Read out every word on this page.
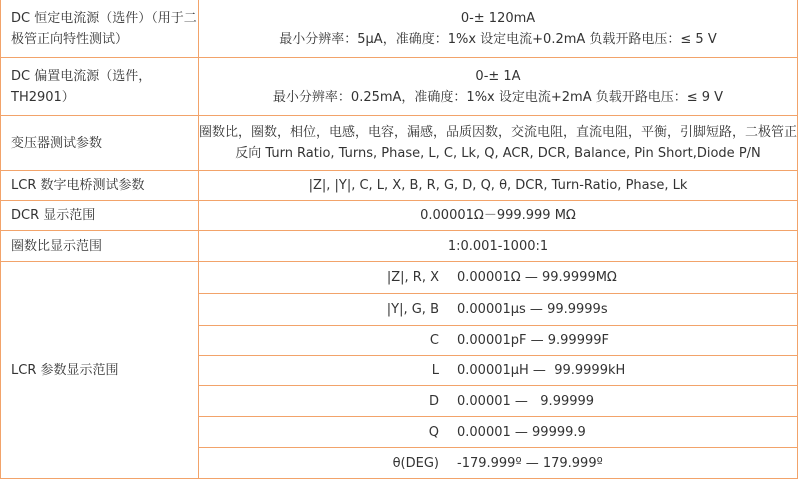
DC 恒定电流源（选件）（用于二极管正向特性测试）	0-± 120mA
最小分辨率：5µA，准确度：1%x 设定电流+0.2mA 负载开路电压：≤ 5 V

DC 偏置电流源（选件，TH2901）	0-± 1A
最小分辨率：0.25mA，准确度：1%x 设定电流+2mA 负载开路电压：≤ 9 V

变压器测试参数	圈数比，圈数，相位，电感，电容，漏感，品质因数，交流电阻，直流电阻，平衡，引脚短路，二极管正
反向 Turn Ratio, Turns, Phase, L, C, Lk, Q, ACR, DCR, Balance, Pin Short,Diode P/N

LCR 数字电桥测试参数	|Z|, |Y|, C, L, X, B, R, G, D, Q, θ, DCR, Turn-Ratio, Phase, Lk

DCR 显示范围	0.00001Ω－999.999 MΩ

圈数比显示范围	1:0.001-1000:1

LCR 参数显示范围	|Z|, R, X 0.00001Ω — 99.9999MΩ

	|Y|, G, B 0.00001µs — 99.9999s

	C 0.00001pF — 9.99999F

	L 0.00001µH —  99.9999kH

	D 0.00001 —   9.99999

	Q 0.00001 — 99999.9

	θ(DEG) -179.999º — 179.999º
